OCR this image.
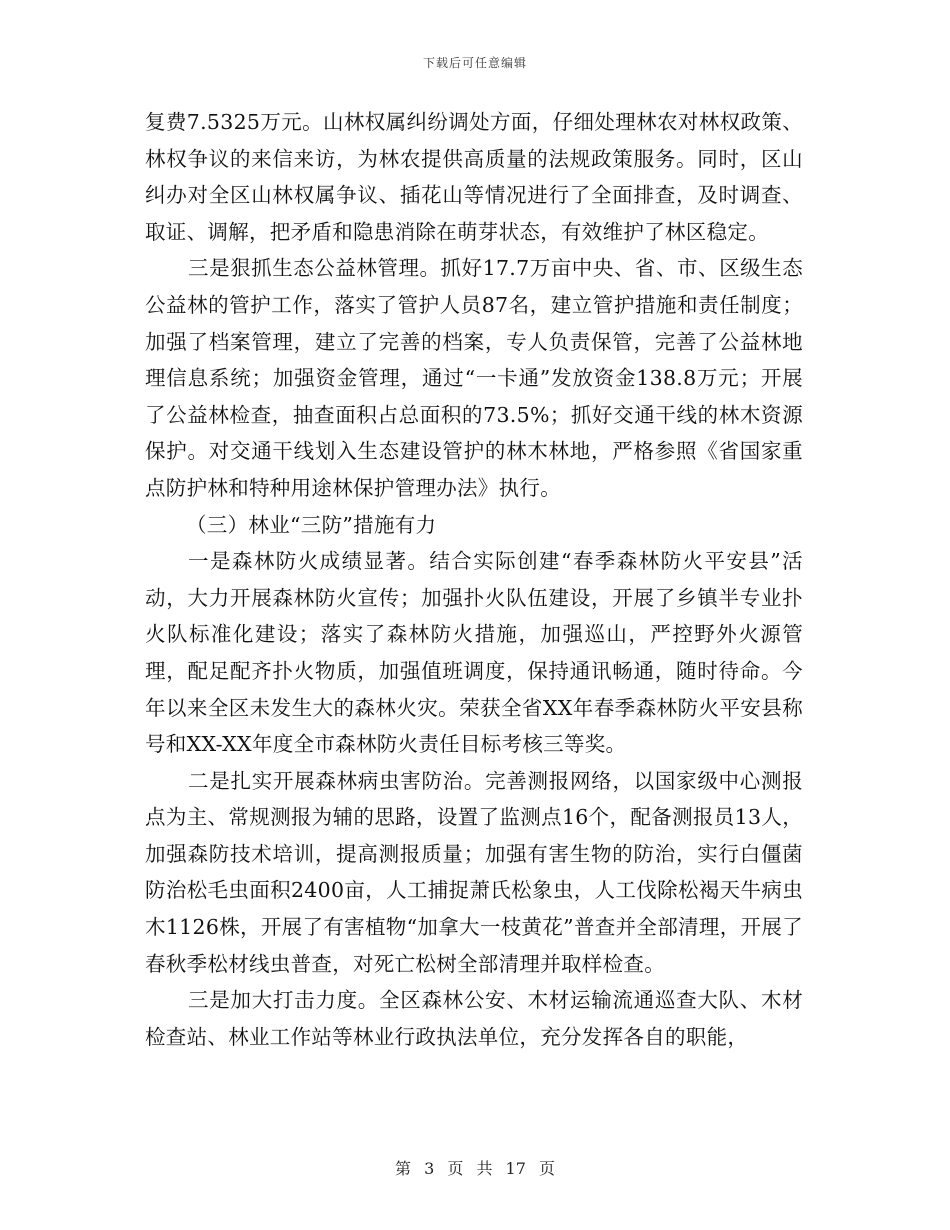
下载后可任意编辑

复费7.5325万元。山林权属纠纷调处方面，仔细处理林农对林权政策、林权争议的来信来访，为林农提供高质量的法规政策服务。同时，区山纠办对全区山林权属争议、插花山等情况进行了全面排查，及时调查、取证、调解，把矛盾和隐患消除在萌芽状态，有效维护了林区稳定。

三是狠抓生态公益林管理。抓好17.7万亩中央、省、市、区级生态公益林的管护工作，落实了管护人员87名，建立管护措施和责任制度；加强了档案管理，建立了完善的档案，专人负责保管，完善了公益林地理信息系统；加强资金管理，通过“一卡通”发放资金138.8万元；开展了公益林检查，抽查面积占总面积的73.5%；抓好交通干线的林木资源保护。对交通干线划入生态建设管护的林木林地，严格参照《省国家重点防护林和特种用途林保护管理办法》执行。

（三）林业“三防”措施有力

一是森林防火成绩显著。结合实际创建“春季森林防火平安县”活动，大力开展森林防火宣传；加强扑火队伍建设，开展了乡镇半专业扑火队标准化建设；落实了森林防火措施，加强巡山，严控野外火源管理，配足配齐扑火物质，加强值班调度，保持通讯畅通，随时待命。今年以来全区未发生大的森林火灾。荣获全省XX年春季森林防火平安县称号和XX-XX年度全市森林防火责任目标考核三等奖。

二是扎实开展森林病虫害防治。完善测报网络，以国家级中心测报点为主、常规测报为辅的思路，设置了监测点16个，配备测报员13人，加强森防技术培训，提高测报质量；加强有害生物的防治，实行白僵菌防治松毛虫面积2400亩，人工捕捉萧氏松象虫，人工伐除松褐天牛病虫木1126株，开展了有害植物“加拿大一枝黄花”普查并全部清理，开展了春秋季松材线虫普查，对死亡松树全部清理并取样检查。

三是加大打击力度。全区森林公安、木材运输流通巡查大队、木材检查站、林业工作站等林业行政执法单位，充分发挥各自的职能，

第 3 页 共 17 页
